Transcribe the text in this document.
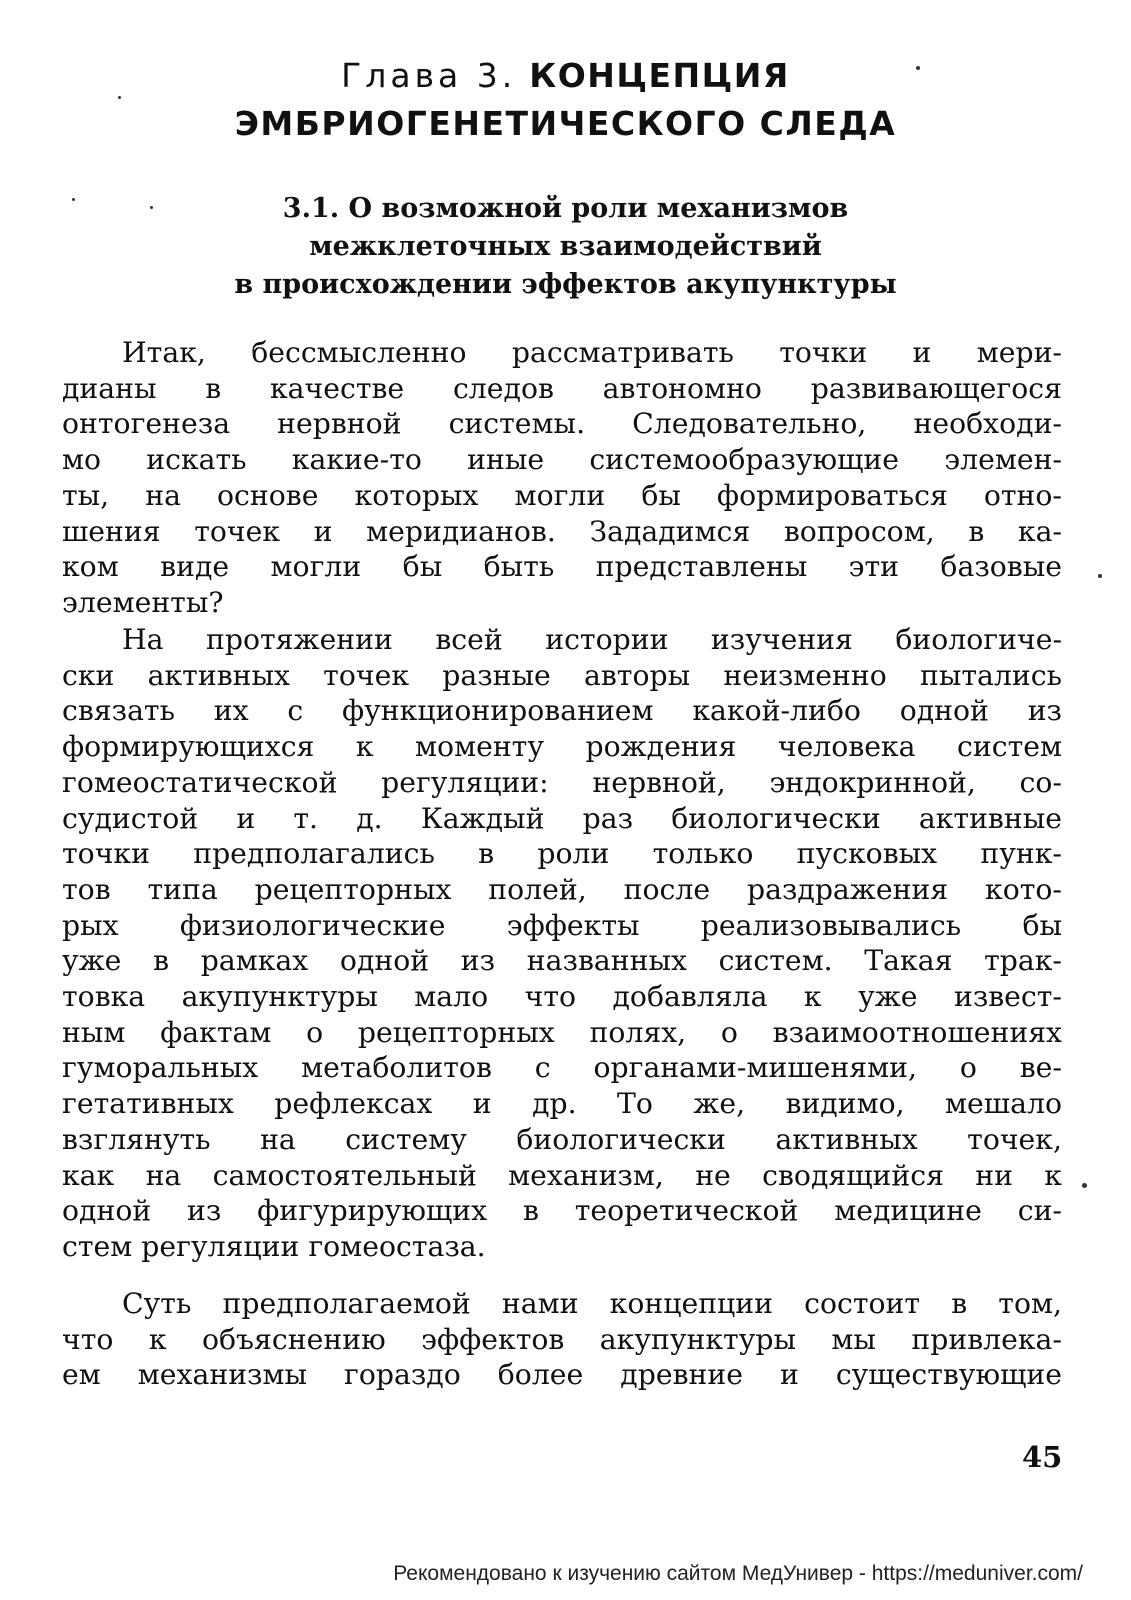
Глава 3. КОНЦЕПЦИЯ
ЭМБРИОГЕНЕТИЧЕСКОГО СЛЕДА
3.1. О возможной роли механизмов
межклеточных взаимодействий
в происхождении эффектов акупунктуры
Итак, бессмысленно рассматривать точки и мери-
дианы в качестве следов автономно развивающегося
онтогенеза нервной системы. Следовательно, необходи-
мо искать какие-то иные системообразующие элемен-
ты, на основе которых могли бы формироваться отно-
шения точек и меридианов. Зададимся вопросом, в ка-
ком виде могли бы быть представлены эти базовые
элементы?
На протяжении всей истории изучения биологиче-
ски активных точек разные авторы неизменно пытались
связать их с функционированием какой-либо одной из
формирующихся к моменту рождения человека систем
гомеостатической регуляции: нервной, эндокринной, со-
судистой и т. д. Каждый раз биологически активные
точки предполагались в роли только пусковых пунк-
тов типа рецепторных полей, после раздражения кото-
рых физиологические эффекты реализовывались бы
уже в рамках одной из названных систем. Такая трак-
товка акупунктуры мало что добавляла к уже извест-
ным фактам о рецепторных полях, о взаимоотношениях
гуморальных метаболитов с органами-мишенями, о ве-
гетативных рефлексах и др. То же, видимо, мешало
взглянуть на систему биологически активных точек,
как на самостоятельный механизм, не сводящийся ни к
одной из фигурирующих в теоретической медицине си-
стем регуляции гомеостаза.
Суть предполагаемой нами концепции состоит в том,
что к объяснению эффектов акупунктуры мы привлека-
ем механизмы гораздо более древние и существующие
45
Рекомендовано к изучению сайтом МедУнивер - https://meduniver.com/
